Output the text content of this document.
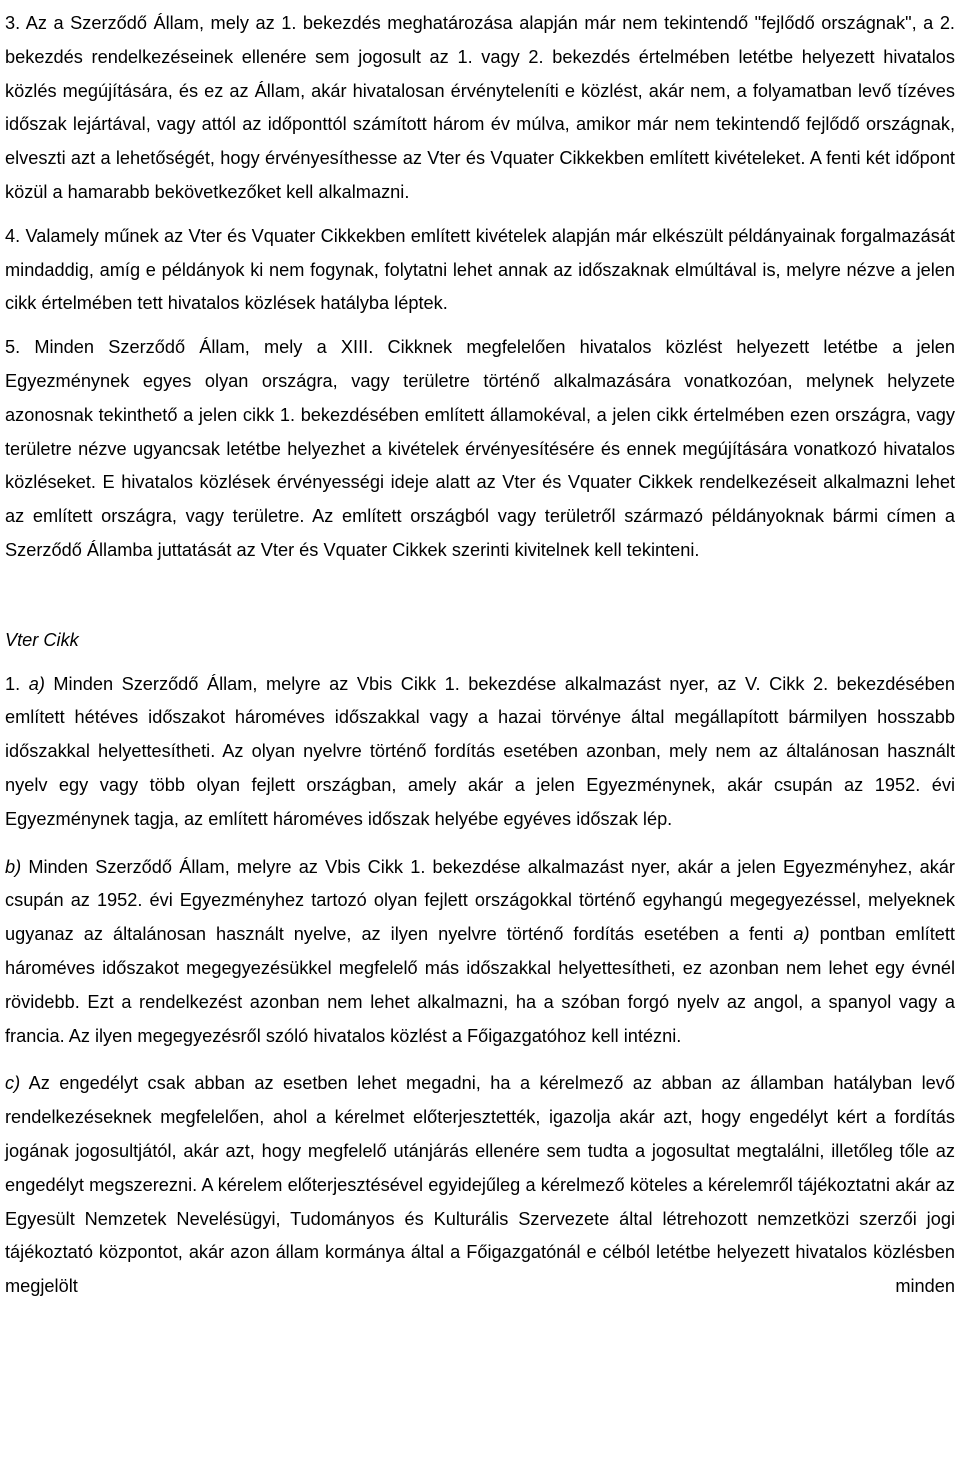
3. Az a Szerződő Állam, mely az 1. bekezdés meghatározása alapján már nem tekintendő "fejlődő országnak", a 2. bekezdés rendelkezéseinek ellenére sem jogosult az 1. vagy 2. bekezdés értelmében letétbe helyezett hivatalos közlés megújítására, és ez az Állam, akár hivatalosan érvényteleníti e közlést, akár nem, a folyamatban levő tízéves időszak lejártával, vagy attól az időponttól számított három év múlva, amikor már nem tekintendő fejlődő országnak, elveszti azt a lehetőségét, hogy érvényesíthesse az Vter és Vquater Cikkekben említett kivételeket. A fenti két időpont közül a hamarabb bekövetkezőket kell alkalmazni.

4. Valamely műnek az Vter és Vquater Cikkekben említett kivételek alapján már elkészült példányainak forgalmazását mindaddig, amíg e példányok ki nem fogynak, folytatni lehet annak az időszaknak elmúltával is, melyre nézve a jelen cikk értelmében tett hivatalos közlések hatályba léptek.

5. Minden Szerződő Állam, mely a XIII. Cikknek megfelelően hivatalos közlést helyezett letétbe a jelen Egyezménynek egyes olyan országra, vagy területre történő alkalmazására vonatkozóan, melynek helyzete azonosnak tekinthető a jelen cikk 1. bekezdésében említett államokéval, a jelen cikk értelmében ezen országra, vagy területre nézve ugyancsak letétbe helyezhet a kivételek érvényesítésére és ennek megújítására vonatkozó hivatalos közléseket. E hivatalos közlések érvényességi ideje alatt az Vter és Vquater Cikkek rendelkezéseit alkalmazni lehet az említett országra, vagy területre. Az említett országból vagy területről származó példányoknak bármi címen a Szerződő Államba juttatását az Vter és Vquater Cikkek szerinti kivitelnek kell tekinteni.

Vter Cikk

1. a) Minden Szerződő Állam, melyre az Vbis Cikk 1. bekezdése alkalmazást nyer, az V. Cikk 2. bekezdésében említett hétéves időszakot hároméves időszakkal vagy a hazai törvénye által megállapított bármilyen hosszabb időszakkal helyettesítheti. Az olyan nyelvre történő fordítás esetében azonban, mely nem az általánosan használt nyelv egy vagy több olyan fejlett országban, amely akár a jelen Egyezménynek, akár csupán az 1952. évi Egyezménynek tagja, az említett hároméves időszak helyébe egyéves időszak lép.

b) Minden Szerződő Állam, melyre az Vbis Cikk 1. bekezdése alkalmazást nyer, akár a jelen Egyezményhez, akár csupán az 1952. évi Egyezményhez tartozó olyan fejlett országokkal történő egyhangú megegyezéssel, melyeknek ugyanaz az általánosan használt nyelve, az ilyen nyelvre történő fordítás esetében a fenti a) pontban említett hároméves időszakot megegyezésükkel megfelelő más időszakkal helyettesítheti, ez azonban nem lehet egy évnél rövidebb. Ezt a rendelkezést azonban nem lehet alkalmazni, ha a szóban forgó nyelv az angol, a spanyol vagy a francia. Az ilyen megegyezésről szóló hivatalos közlést a Főigazgatóhoz kell intézni.

c) Az engedélyt csak abban az esetben lehet megadni, ha a kérelmező az abban az államban hatályban levő rendelkezéseknek megfelelően, ahol a kérelmet előterjesztették, igazolja akár azt, hogy engedélyt kért a fordítás jogának jogosultjától, akár azt, hogy megfelelő utánjárás ellenére sem tudta a jogosultat megtalálni, illetőleg tőle az engedélyt megszerezni. A kérelem előterjesztésével egyidejűleg a kérelmező köteles a kérelemről tájékoztatni akár az Egyesült Nemzetek Nevelésügyi, Tudományos és Kulturális Szervezete által létrehozott nemzetközi szerzői jogi tájékoztató központot, akár azon állam kormánya által a Főigazgatónál e célból letétbe helyezett hivatalos közlésben megjelölt minden
